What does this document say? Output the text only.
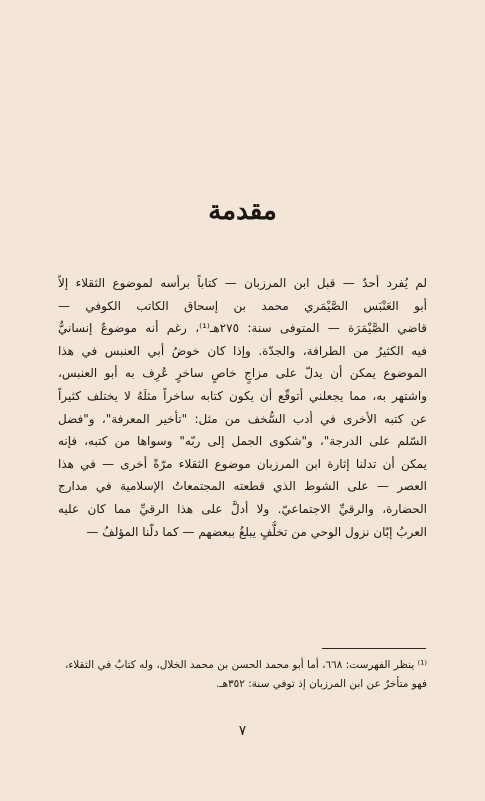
مقدمة
لم يُفرد أحدٌ — قبل ابن المرزبان — كتاباً برأسه لموضوع الثقلاء إلاّ
أبو العَنْبَس الصَّيْمَري محمد بن إسحاق الكاتب الكوفي —
قاضي الصَّيْمَرَة — المتوفى سنة: ٢٧٥هـ⁽¹⁾، رغم أنه موضوعٌ إنسانيٌّ
فيه الكثيرُ من الطرافة، والجدّة. وإذا كان خوضُ أبي العنبس في هذا
الموضوع يمكن أن يدلّ على مزاجٍ خاصٍ ساخرٍ عُرِف به أبو العنبس،
واشتهر به، مما يجعلني أتوقّع أن يكون كتابه ساخراً مثلَهُ لا يختلف كثيراً
عن كتبه الأخرى في أدب السُّخف من مثل: "تأخير المعرفة"، و"فضل
السّلم على الدرجة"، و"شكوى الجمل إلى ربّه" وسواها من كتبه، فإنه
يمكن أن تدلنا إثارة ابن المرزبان موضوع الثقلاء مرّةً أخرى — في هذا
العصر — على الشوط الذي قطعته المجتمعاتُ الإسلامية في مدارج
الحضارة، والرقيِّ الاجتماعيّ. ولا أدلَّ على هذا الرقيِّ مما كان عليه
العربُ إبّان نزول الوحي من تخلُّفٍ يبلغُ ببعضهم — كما دلّنا المؤلفُ —
⁽¹⁾ ينظر الفهرست: ٦٦٨، أما أبو محمد الحسن بن محمد الخلال، وله كتابٌ في الثقلاء،
فهو متأخرٌ عن ابن المرزبان إذ توفي سنة: ٣٥٢هـ.
٧
